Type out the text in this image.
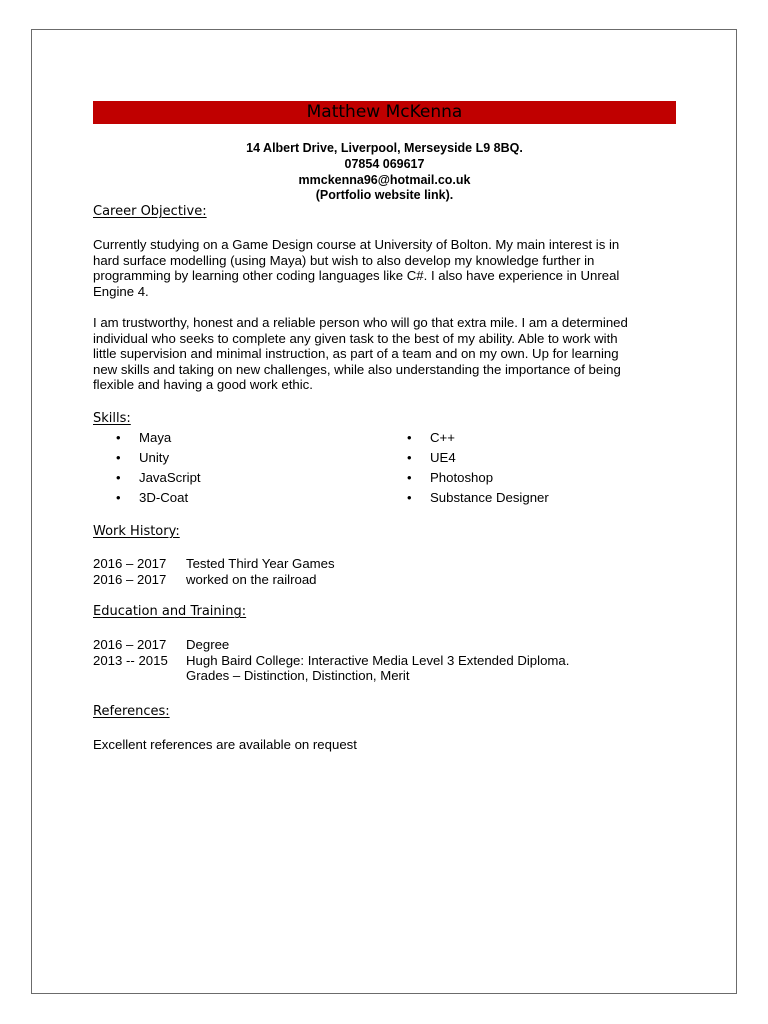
Matthew McKenna
14 Albert Drive, Liverpool, Merseyside L9 8BQ.
07854 069617
mmckenna96@hotmail.co.uk
(Portfolio website link).
Career Objective:
Currently studying on a Game Design course at University of Bolton. My main interest is in
hard surface modelling (using Maya) but wish to also develop my knowledge further in
programming by learning other coding languages like C#. I also have experience in Unreal
Engine 4.
I am trustworthy, honest and a reliable person who will go that extra mile. I am a determined
individual who seeks to complete any given task to the best of my ability. Able to work with
little supervision and minimal instruction, as part of a team and on my own. Up for learning
new skills and taking on new challenges, while also understanding the importance of being
flexible and having a good work ethic.
Skills:
• Maya
• Unity
• JavaScript
• 3D-Coat
• C++
• UE4
• Photoshop
• Substance Designer
Work History:
2016 – 2017 Tested Third Year Games
2016 – 2017 worked on the railroad
Education and Training:
2016 – 2017 Degree
2013 -- 2015 Hugh Baird College: Interactive Media Level 3 Extended Diploma.
Grades – Distinction, Distinction, Merit
References:
Excellent references are available on request
